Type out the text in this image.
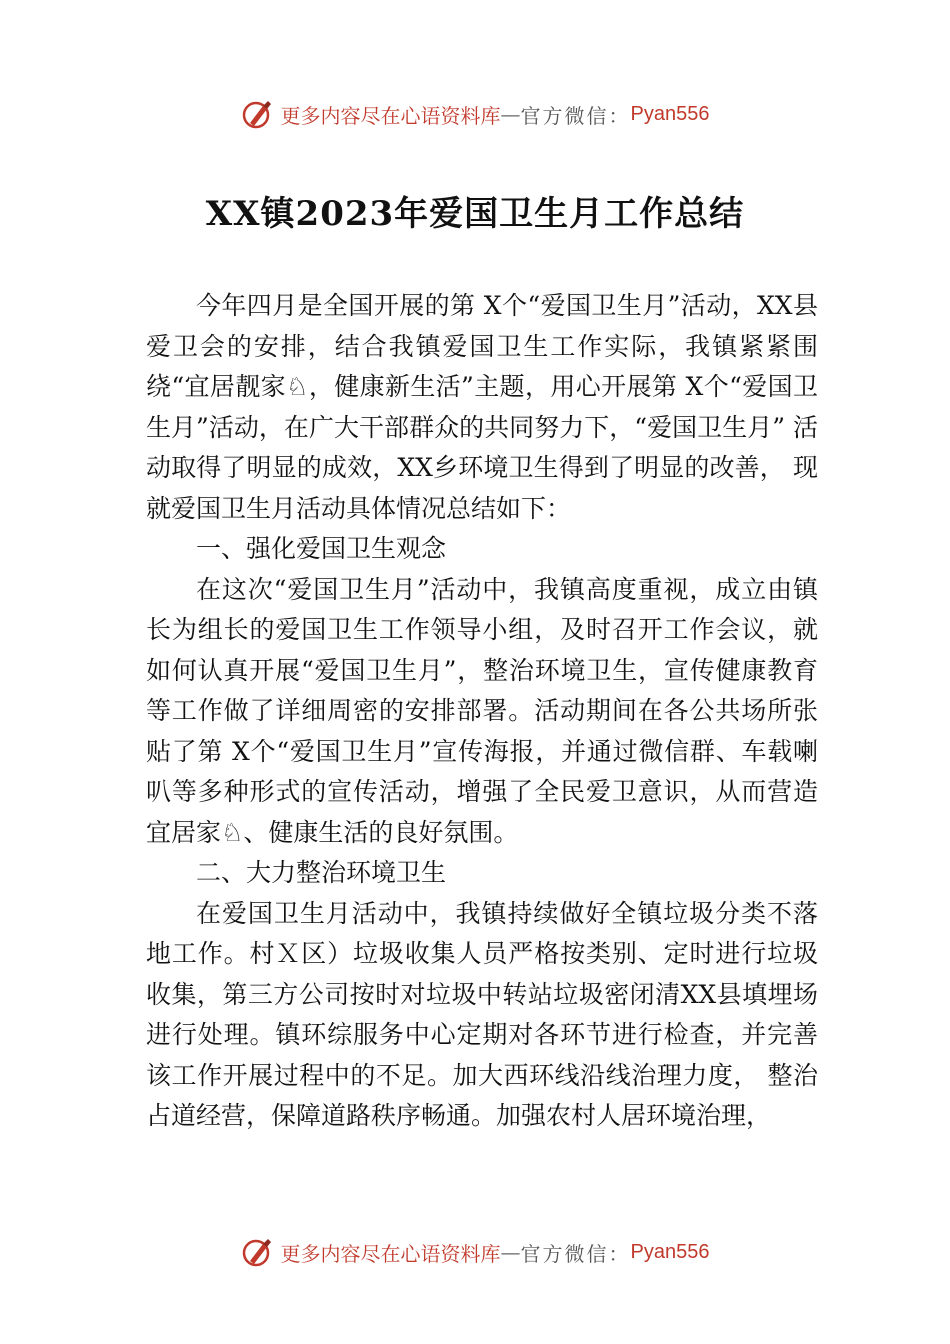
更多内容尽在心语资料库 — 官方微信： Pyan556
XX镇2023年爱国卫生月工作总结

今年四月是全国开展的第 X个“爱国卫生月”活动，XX县爱卫会的安排，结合我镇爱国卫生工作实际，我镇紧紧围绕“宜居靓家♘，健康新生活”主题，用心开展第 X个“爱国卫生月”活动，在广大干部群众的共同努力下，“爱国卫生月” 活动取得了明显的成效，XX乡环境卫生得到了明显的改善， 现就爱国卫生月活动具体情况总结如下：

一、强化爱国卫生观念

在这次“爱国卫生月”活动中，我镇高度重视，成立由镇长为组长的爱国卫生工作领导小组，及时召开工作会议，就如何认真开展“爱国卫生月”，整治环境卫生，宣传健康教育等工作做了详细周密的安排部署。活动期间在各公共场所张贴了第 X个“爱国卫生月”宣传海报，并通过微信群、车载喇叭等多种形式的宣传活动，增强了全民爱卫意识，从而营造宜居家♘、健康生活的良好氛围。

二、大力整治环境卫生

在爱国卫生月活动中，我镇持续做好全镇垃圾分类不落地工作。村Ｘ区）垃圾收集人员严格按类别、定时进行垃圾收集，第三方公司按时对垃圾中转站垃圾密闭清XX县填埋场进行处理。镇环综服务中心定期对各环节进行检查，并完善该工作开展过程中的不足。加大西环线沿线治理力度， 整治占道经营，保障道路秩序畅通。加强农村人居环境治理，

更多内容尽在心语资料库 — 官方微信： Pyan556
